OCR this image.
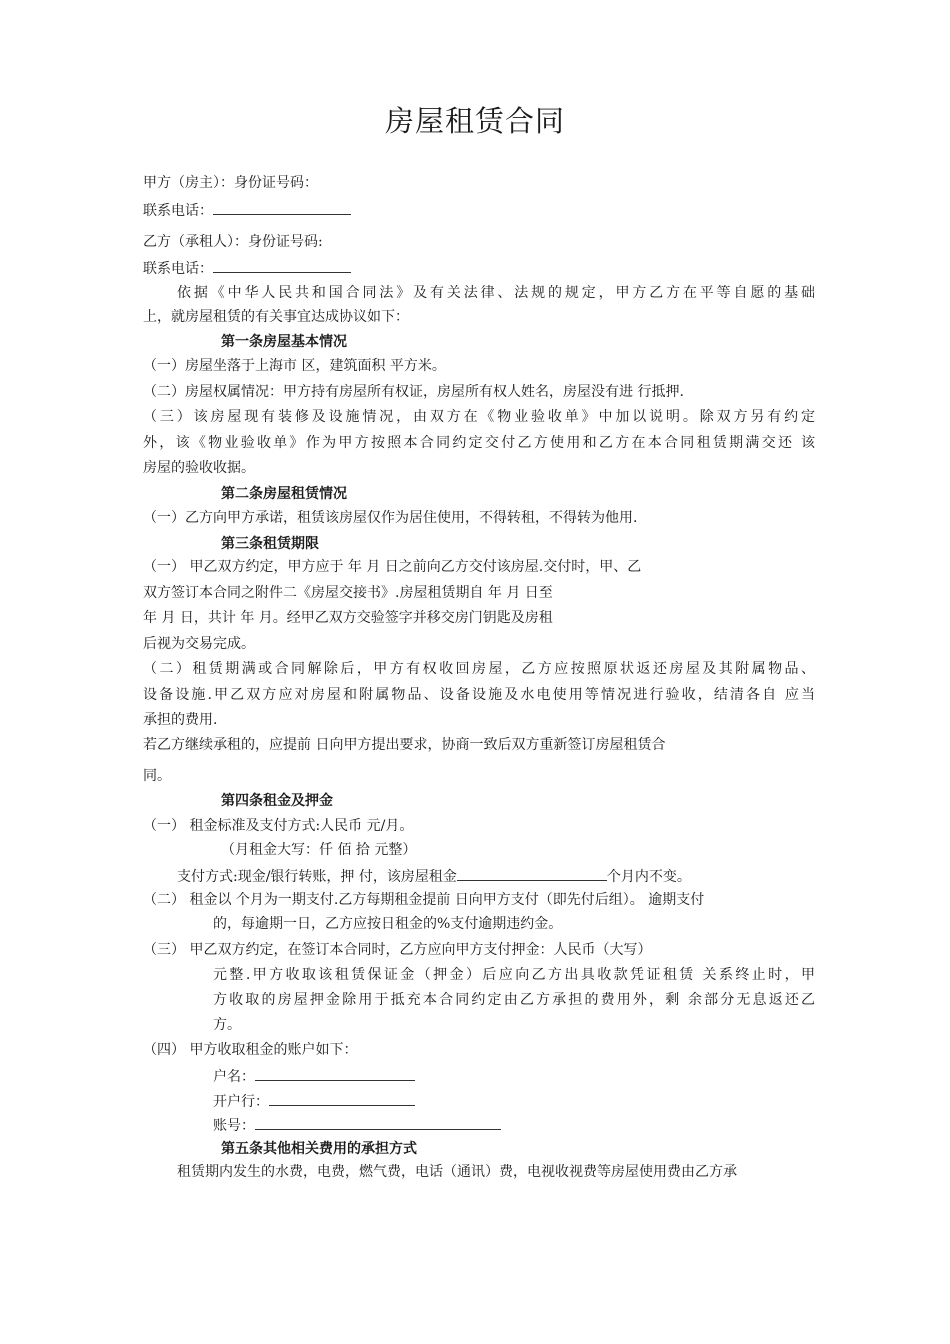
房屋租赁合同
甲方（房主）：身份证号码：
联系电话：
乙方（承租人）：身份证号码:
联系电话：
依据《中华人民共和国合同法》及有关法律、法规的规定，甲方乙方在平等自愿的基础
上，就房屋租赁的有关事宜达成协议如下：
第一条房屋基本情况
（一）房屋坐落于上海市 区，建筑面积 平方米。
（二）房屋权属情况：甲方持有房屋所有权证，房屋所有权人姓名，房屋没有进 行抵押.
（三）该房屋现有装修及设施情况，由双方在《物业验收单》中加以说明。除双方另有约定
外，该《物业验收单》作为甲方按照本合同约定交付乙方使用和乙方在本合同租赁期满交还 该
房屋的验收收据。
第二条房屋租赁情况
（一）乙方向甲方承诺，租赁该房屋仅作为居住使用，不得转租，不得转为他用.
第三条租赁期限
（一） 甲乙双方约定，甲方应于 年 月 日之前向乙方交付该房屋.交付时，甲、乙
双方签订本合同之附件二《房屋交接书》.房屋租赁期自 年 月 日至
年 月 日，共计 年 月。经甲乙双方交验签字并移交房门钥匙及房租
后视为交易完成。
（二）租赁期满或合同解除后，甲方有权收回房屋，乙方应按照原状返还房屋及其附属物品、
设备设施.甲乙双方应对房屋和附属物品、设备设施及水电使用等情况进行验收，结清各自 应当
承担的费用.
若乙方继续承租的，应提前 日向甲方提出要求，协商一致后双方重新签订房屋租赁合
同。
第四条租金及押金
（一） 租金标准及支付方式:人民币 元/月。
（月租金大写：仟 佰 拾 元整）
支付方式:现金/银行转账，押 付，该房屋租金	个月内不变。
（二） 租金以 个月为一期支付.乙方每期租金提前 日向甲方支付（即先付后组）。 逾期支付
的，每逾期一日，乙方应按日租金的%支付逾期违约金。
（三） 甲乙双方约定，在签订本合同时，乙方应向甲方支付押金：人民币（大写）
元整.甲方收取该租赁保证金（押金）后应向乙方出具收款凭证租赁 关系终止时，甲
方收取的房屋押金除用于抵充本合同约定由乙方承担的费用外，剩 余部分无息返还乙
方。
（四） 甲方收取租金的账户如下：
户名：
开户行：
账号：
第五条其他相关费用的承担方式
租赁期内发生的水费，电费，燃气费，电话（通讯）费，电视收视费等房屋使用费由乙方承
